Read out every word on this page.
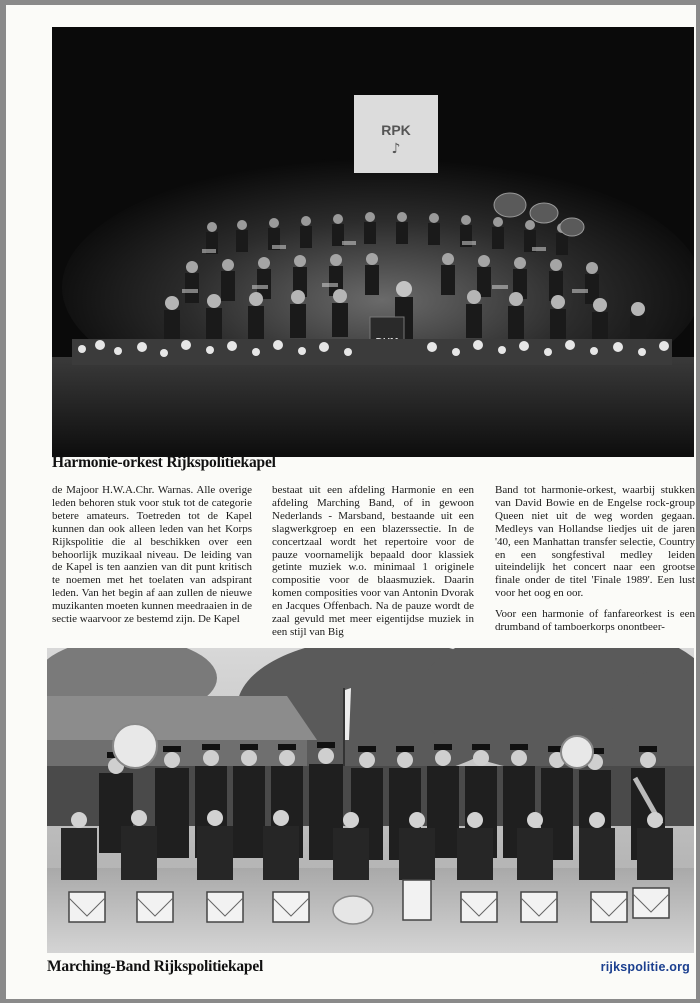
RPK
♪
Harmonie-orkest Rijkspolitiekapel

de Majoor H.W.A.Chr. Warnas. Alle overige leden behoren stuk voor stuk tot de categorie betere amateurs. Toetreden tot de Kapel kunnen dan ook alleen leden van het Korps Rijkspolitie die al beschikken over een behoorlijk muzikaal niveau. De leiding van de Kapel is ten aanzien van dit punt kritisch te noemen met het toelaten van adspirant leden. Van het begin af aan zullen de nieuwe muzikanten moeten kunnen meedraaien in de sectie waarvoor ze bestemd zijn. De Kapel

bestaat uit een afdeling Harmonie en een afdeling Marching Band, of in gewoon Nederlands - Marsband, bestaande uit een slagwerkgroep en een blazerssectie. In de concertzaal wordt het repertoire voor de pauze voornamelijk bepaald door klassiek getinte muziek w.o. minimaal 1 originele compositie voor de blaasmuziek. Daarin komen composities voor van Antonin Dvorak en Jacques Offenbach. Na de pauze wordt de zaal gevuld met meer eigentijdse muziek in een stijl van Big

Band tot harmonie-orkest, waarbij stukken van David Bowie en de Engelse rock-group Queen niet uit de weg worden gegaan. Medleys van Hollandse liedjes uit de jaren '40, een Manhattan transfer selectie, Country en een songfestival medley leiden uiteindelijk het concert naar een grootse finale onder de titel 'Finale 1989'. Een lust voor het oog en oor.

Voor een harmonie of fanfareorkest is een drumband of tamboerkorps onontbeer-

Marching-Band Rijkspolitiekapel	rijkspolitie.org
